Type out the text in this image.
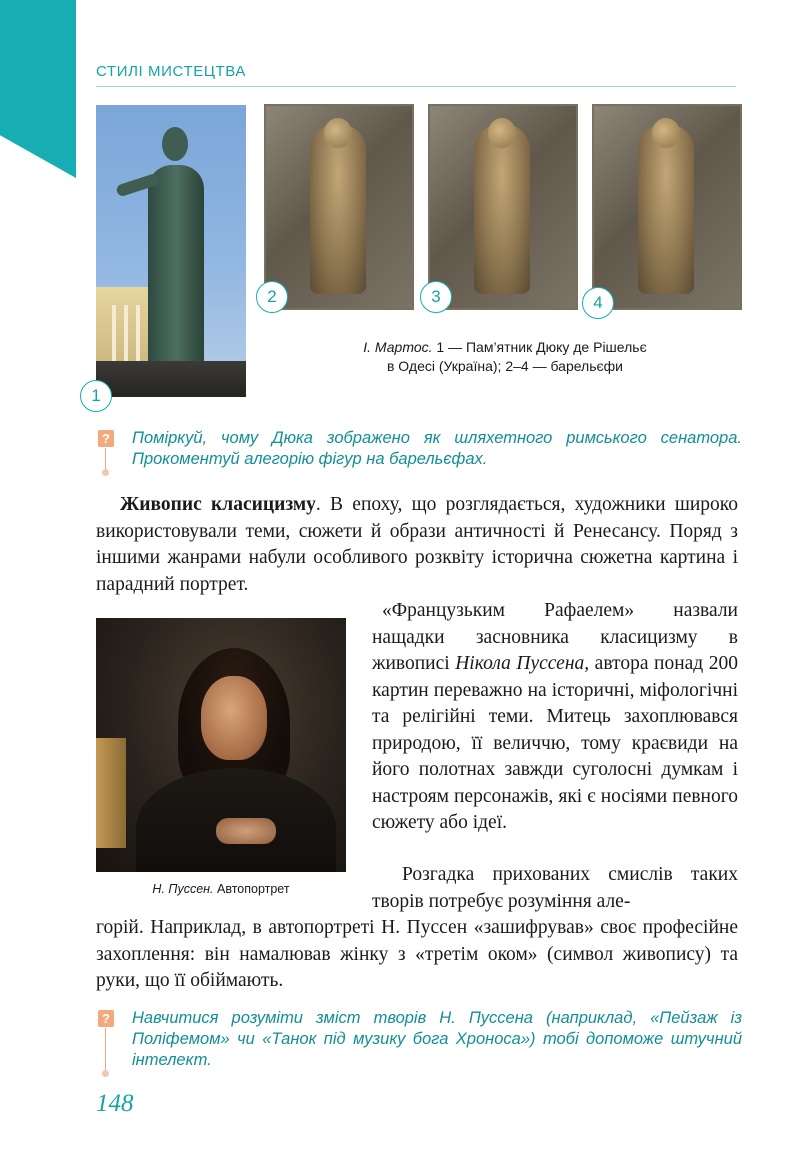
СТИЛІ МИСТЕЦТВА
1
2	3	4
І. Мартос. 1 — Пам’ятник Дюку де Рішельє
в Одесі (Україна); 2–4 — барельєфи
? Поміркуй, чому Дюка зображено як шляхетного римського сенатора. Прокоментуй алегорію фігур на барельєфах.
Живопис класицизму. В епоху, що розглядається, художники широко використовували теми, сюжети й образи античності й Ренесансу. Поряд з іншими жанрами набули особливого розквіту історична сюжетна картина і парадний портрет.
«Французьким Рафаелем» назвали нащадки засновника класицизму в живописі Нікола Пуссена, автора понад 200 картин переважно на історичні, міфологічні та релігійні теми. Митець захоплювався природою, її величчю, тому краєвиди на його полотнах завжди суголосні думкам і настроям персонажів, які є носіями певного сюжету або ідеї.
Розгадка прихованих смислів таких творів потребує розуміння але-
Н. Пуссен. Автопортрет
горій. Наприклад, в автопортреті Н. Пуссен «зашифрував» своє професійне захоплення: він намалював жінку з «третім оком» (символ живопису) та руки, що її обіймають.
? Навчитися розуміти зміст творів Н. Пуссена (наприклад, «Пейзаж із Поліфемом» чи «Танок під музику бога Хроноса») тобі допоможе штучний інтелект.
148
